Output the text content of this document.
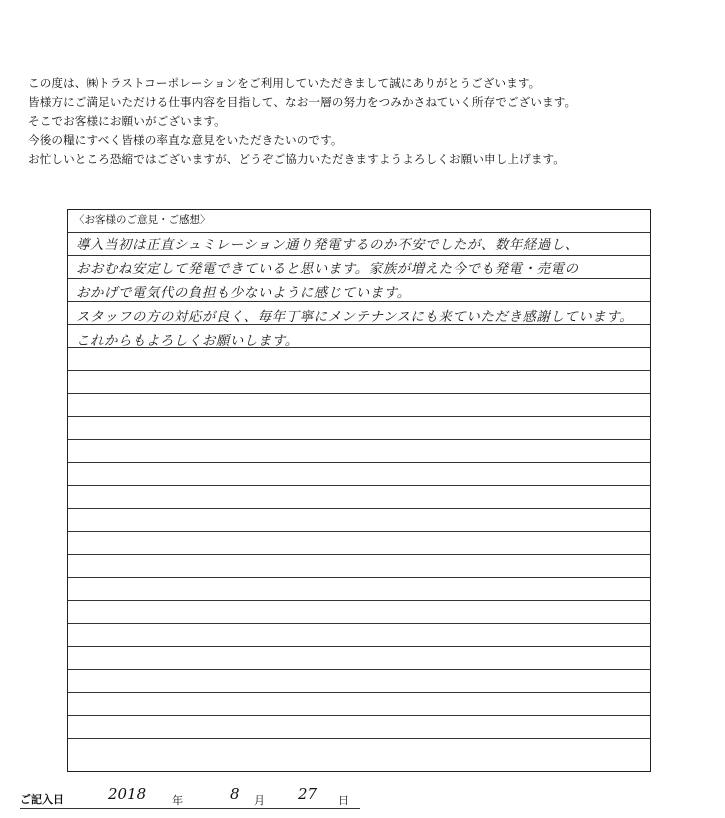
この度は、㈱トラストコーポレーションをご利用していただきまして誠にありがとうございます。
皆様方にご満足いただける仕事内容を目指して、なお一層の努力をつみかさねていく所存でございます。
そこでお客様にお願いがございます。
今後の糧にすべく皆様の率直な意見をいただきたいのです。
お忙しいところ恐縮ではございますが、どうぞご協力いただきますようよろしくお願い申し上げます。
〈お客様のご意見・ご感想〉
導入当初は正直シュミレーション通り発電するのか不安でしたが、数年経過し、
おおむね安定して発電できていると思います。家族が増えた今でも発電・売電の
おかげで電気代の負担も少ないように感じています。
スタッフの方の対応が良く、毎年丁寧にメンテナンスにも来ていただき感謝しています。
これからもよろしくお願いします。
ご記入日	2018 年	8 月 27 日
